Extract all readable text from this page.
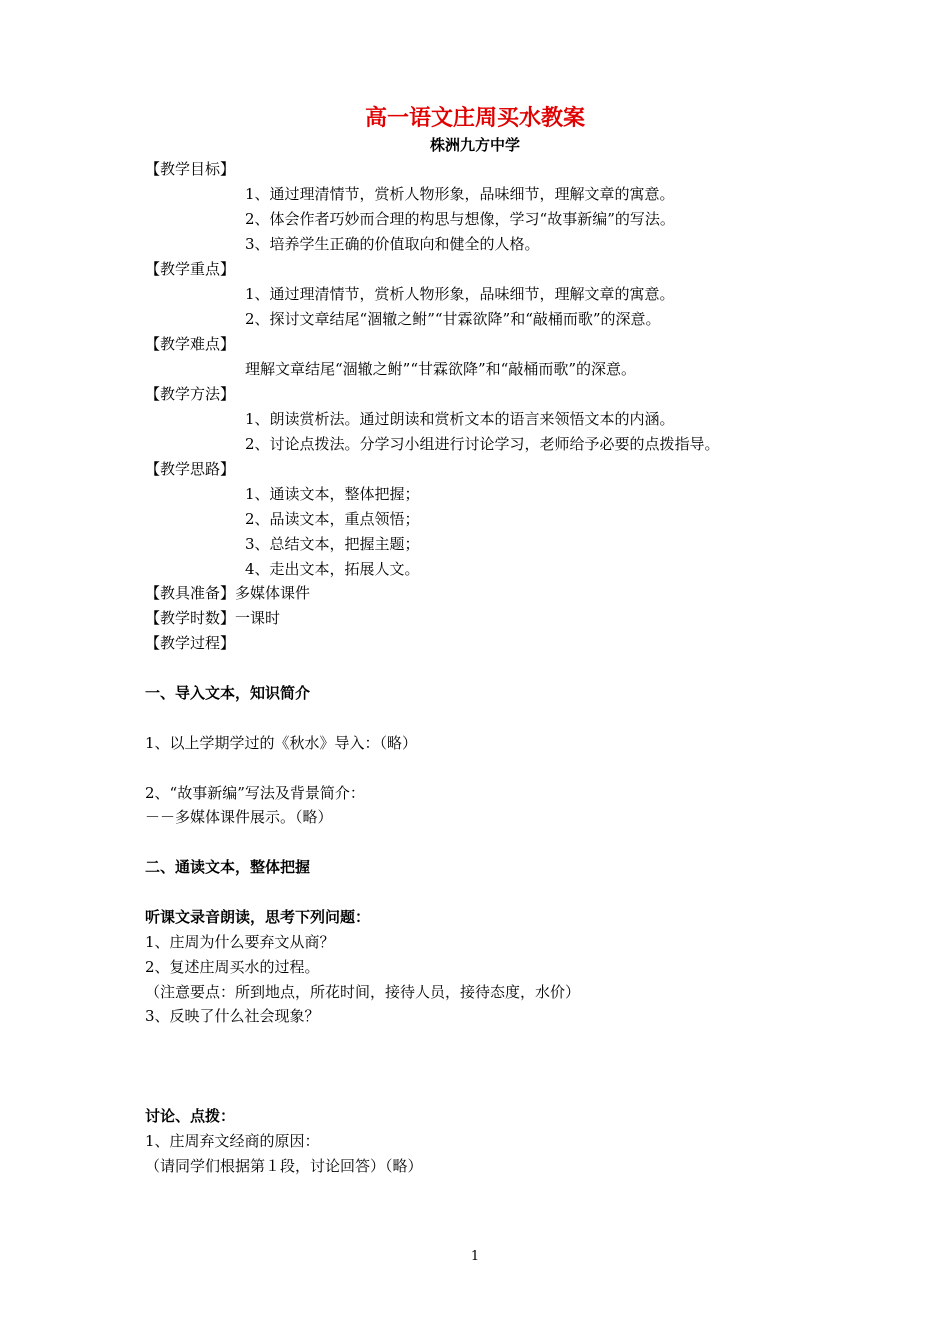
高一语文庄周买水教案
株洲九方中学
【教学目标】
1、通过理清情节，赏析人物形象，品味细节，理解文章的寓意。
2、体会作者巧妙而合理的构思与想像，学习“故事新编”的写法。
3、培养学生正确的价值取向和健全的人格。
【教学重点】
1、通过理清情节，赏析人物形象，品味细节，理解文章的寓意。
2、探讨文章结尾“涸辙之鲋”“甘霖欲降”和“敲桶而歌”的深意。
【教学难点】
理解文章结尾“涸辙之鲋”“甘霖欲降”和“敲桶而歌”的深意。
【教学方法】
1、朗读赏析法。通过朗读和赏析文本的语言来领悟文本的内涵。
2、讨论点拨法。分学习小组进行讨论学习，老师给予必要的点拨指导。
【教学思路】
1、通读文本，整体把握；
2、品读文本，重点领悟；
3、总结文本，把握主题；
4、走出文本，拓展人文。
【教具准备】多媒体课件
【教学时数】一课时
【教学过程】
一、导入文本，知识简介
1、以上学期学过的《秋水》导入：（略）
2、“故事新编”写法及背景简介：
－－多媒体课件展示。（略）
二、通读文本，整体把握
听课文录音朗读，思考下列问题：
1、庄周为什么要弃文从商？
2、复述庄周买水的过程。
（注意要点：所到地点，所花时间，接待人员，接待态度，水价）
3、反映了什么社会现象？
讨论、点拨：
1、庄周弃文经商的原因：
（请同学们根据第１段，讨论回答）（略）
1
